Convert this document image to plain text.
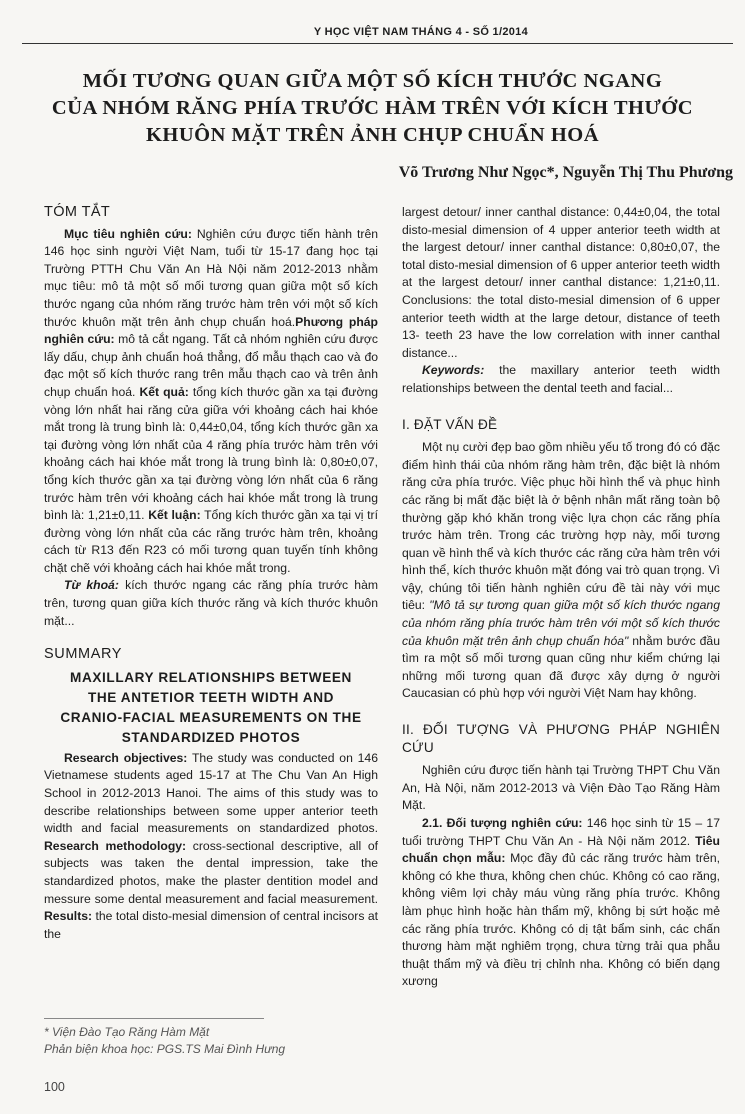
Y HỌC VIỆT NAM THÁNG 4 - SỐ 1/2014
MỐI TƯƠNG QUAN GIỮA MỘT SỐ KÍCH THƯỚC NGANG
CỦA NHÓM RĂNG PHÍA TRƯỚC HÀM TRÊN VỚI KÍCH THƯỚC
KHUÔN MẶT TRÊN ẢNH CHỤP CHUẨN HOÁ
Võ Trương Như Ngọc*, Nguyễn Thị Thu Phương
TÓM TẮT

Mục tiêu nghiên cứu: Nghiên cứu được tiến hành trên 146 học sinh người Việt Nam, tuổi từ 15-17 đang học tại Trường PTTH Chu Văn An Hà Nội năm 2012-2013 nhằm mục tiêu: mô tả một số mối tương quan giữa một số kích thước ngang của nhóm răng trước hàm trên với một số kích thước khuôn mặt trên ảnh chụp chuẩn hoá.Phương pháp nghiên cứu: mô tả cắt ngang. Tất cả nhóm nghiên cứu được lấy dấu, chụp ảnh chuẩn hoá thẳng, đổ mẫu thạch cao và đo đạc một số kích thước rang trên mẫu thạch cao và trên ảnh chụp chuẩn hoá. Kết quả: tổng kích thước gần xa tại đường vòng lớn nhất hai răng cửa giữa với khoảng cách hai khóe mắt trong là trung bình là: 0,44±0,04, tổng kích thước gần xa tại đường vòng lớn nhất của 4 răng phía trước hàm trên với khoảng cách hai khóe mắt trong là trung bình là: 0,80±0,07, tổng kích thước gần xa tại đường vòng lớn nhất của 6 răng trước hàm trên với khoảng cách hai khóe mắt trong là trung bình là: 1,21±0,11. Kết luận: Tổng kích thước gần xa tại vị trí đường vòng lớn nhất của các răng trước hàm trên, khoảng cách từ R13 đến R23 có mối tương quan tuyến tính không chặt chẽ với khoảng cách hai khóe mắt trong.

Từ khoá: kích thước ngang các răng phía trước hàm trên, tương quan giữa kích thước răng và kích thước khuôn mặt...

SUMMARY
MAXILLARY RELATIONSHIPS BETWEEN
THE ANTETIOR TEETH WIDTH AND
CRANIO-FACIAL MEASUREMENTS ON THE
STANDARDIZED PHOTOS

Research objectives: The study was conducted on 146 Vietnamese students aged 15-17 at The Chu Van An High School in 2012-2013 Hanoi. The aims of this study was to describe relationships between some upper anterior teeth width and facial measurements on standardized photos. Research methodology: cross-sectional descriptive, all of subjects was taken the dental impression, take the standardized photos, make the plaster dentition model and messure some dental measurement and facial measurement. Results: the total disto-mesial dimension of central incisors at the

largest detour/ inner canthal distance: 0,44±0,04, the total disto-mesial dimension of 4 upper anterior teeth width at the largest detour/ inner canthal distance: 0,80±0,07, the total disto-mesial dimension of 6 upper anterior teeth width at the largest detour/ inner canthal distance: 1,21±0,11. Conclusions: the total disto-mesial dimension of 6 upper anterior teeth width at the large detour, distance of teeth 13- teeth 23 have the low correlation with inner canthal distance...

Keywords: the maxillary anterior teeth width relationships between the dental teeth and facial...

I. ĐẶT VẤN ĐỀ

Một nụ cười đẹp bao gồm nhiều yếu tố trong đó có đặc điểm hình thái của nhóm răng hàm trên, đặc biệt là nhóm răng cửa phía trước. Việc phục hồi hình thể và phục hình các răng bị mất đặc biệt là ở bệnh nhân mất răng toàn bộ thường gặp khó khăn trong việc lựa chọn các răng phía trước hàm trên. Trong các trường hợp này, mối tương quan về hình thể và kích thước các răng cửa hàm trên với hình thể, kích thước khuôn mặt đóng vai trò quan trọng. Vì vậy, chúng tôi tiến hành nghiên cứu đề tài này với mục tiêu: "Mô tả sự tương quan giữa một số kích thước ngang của nhóm răng phía trước hàm trên với một số kích thước của khuôn mặt trên ảnh chụp chuẩn hóa" nhằm bước đầu tìm ra một số mối tương quan cũng như kiểm chứng lại những mối tương quan đã được xây dựng ở người Caucasian có phù hợp với người Việt Nam hay không.

II. ĐỐI TƯỢNG VÀ PHƯƠNG PHÁP NGHIÊN CỨU

Nghiên cứu được tiến hành tại Trường THPT Chu Văn An, Hà Nội, năm 2012-2013 và Viện Đào Tạo Răng Hàm Mặt.

2.1. Đối tượng nghiên cứu: 146 học sinh từ 15 – 17 tuổi trường THPT Chu Văn An - Hà Nội năm 2012. Tiêu chuẩn chọn mẫu: Mọc đầy đủ các răng trước hàm trên, không có khe thưa, không chen chúc. Không có cao răng, không viêm lợi chảy máu vùng răng phía trước. Không làm phục hình hoặc hàn thẩm mỹ, không bị sứt hoặc mẻ các răng phía trước. Không có dị tật bẩm sinh, các chấn thương hàm mặt nghiêm trọng, chưa từng trải qua phẫu thuật thẩm mỹ và điều trị chỉnh nha. Không có biến dạng xương

* Viện Đào Tạo Răng Hàm Mặt
Phản biện khoa học: PGS.TS Mai Đình Hưng
100
